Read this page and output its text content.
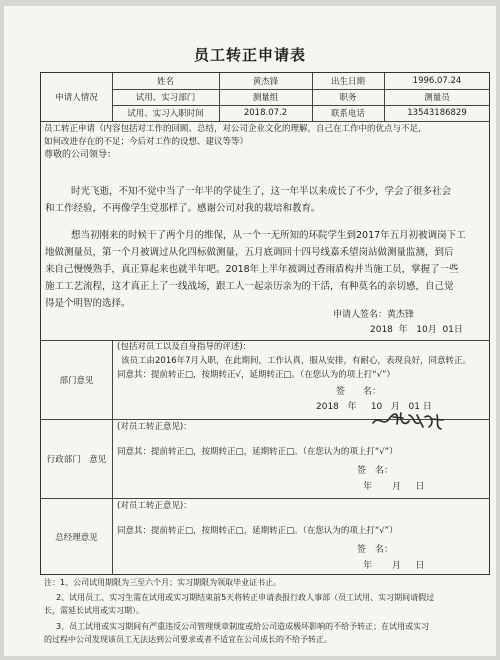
员工转正申请表
申请人情况
姓名	黄杰锋	出生日期	1996.07.24
试用、实习部门	测量组	职务	测量员
试用、实习入职时间	2018.07.2	联系电话	13543186829
员工转正申请（内容包括对工作的回顾、总结，对公司企业文化的理解，自己在工作中的优点与不足，
如何改进存在的不足；今后对工作的设想、建议等等）
尊敬的公司领导：
时光飞逝，不知不觉中当了一年半的学徒生了，这一年半以来成长了不少，学会了很多社会
和工作经验，不再像学生党那样了。感谢公司对我的栽培和教育。
想当初刚来的时候干了两个月的维保，从一个一无所知的环院学生到2017年五月初被调岗下工
地做测量员，第一个月被调过从化四标做测量，五月底调回十四号线嘉禾望岗站做测量监测，到后
来自己慢慢熟手，真正算起来也就半年吧。2018年上半年被调过香雨盾构井当施工员，掌握了一些
施工工艺流程，这才真正上了一线战场，跟工人一起亲历亲为的干活，有种莫名的亲切感，自己觉
得是个明智的选择。
申请人签名：黄杰锋
2018 年 10月 01日
部门意见
(包括对员工以及自身指导的评述)：
该员工由2016年7月入职，在此期间，工作认真，服从安排，有耐心，表现良好，同意转正。
同意其：提前转正□，按期转正√，延期转正□。（在您认为的项上打“√”）
签　　名：
2018 年 10 月 01 日
行政部门　意见
(对员工转正意见)：
同意其：提前转正□，按期转正□，延期转正□。（在您认为的项上打“√”）
签　名：
年 月 日
总经理意见
(对员工转正意见)：
同意其：提前转正□，按期转正□，延期转正□。（在您认为的项上打“√”）
签　名：
年 月 日
注：1、公司试用期限为三至六个月；实习期限为领取毕业证书止。
2、试用员工、实习生需在试用或实习期结束前5天将转正申请表报行政人事部（员工试用、实习期间请假过
长，需延长试用或实习期）。
3、员工试用或实习期间有严重违反公司管理规章制度或给公司造成极坏影响的不给予转正；在试用或实习
的过程中公司发现该员工无法达到公司要求或者不适宜在公司成长的不给予转正。
